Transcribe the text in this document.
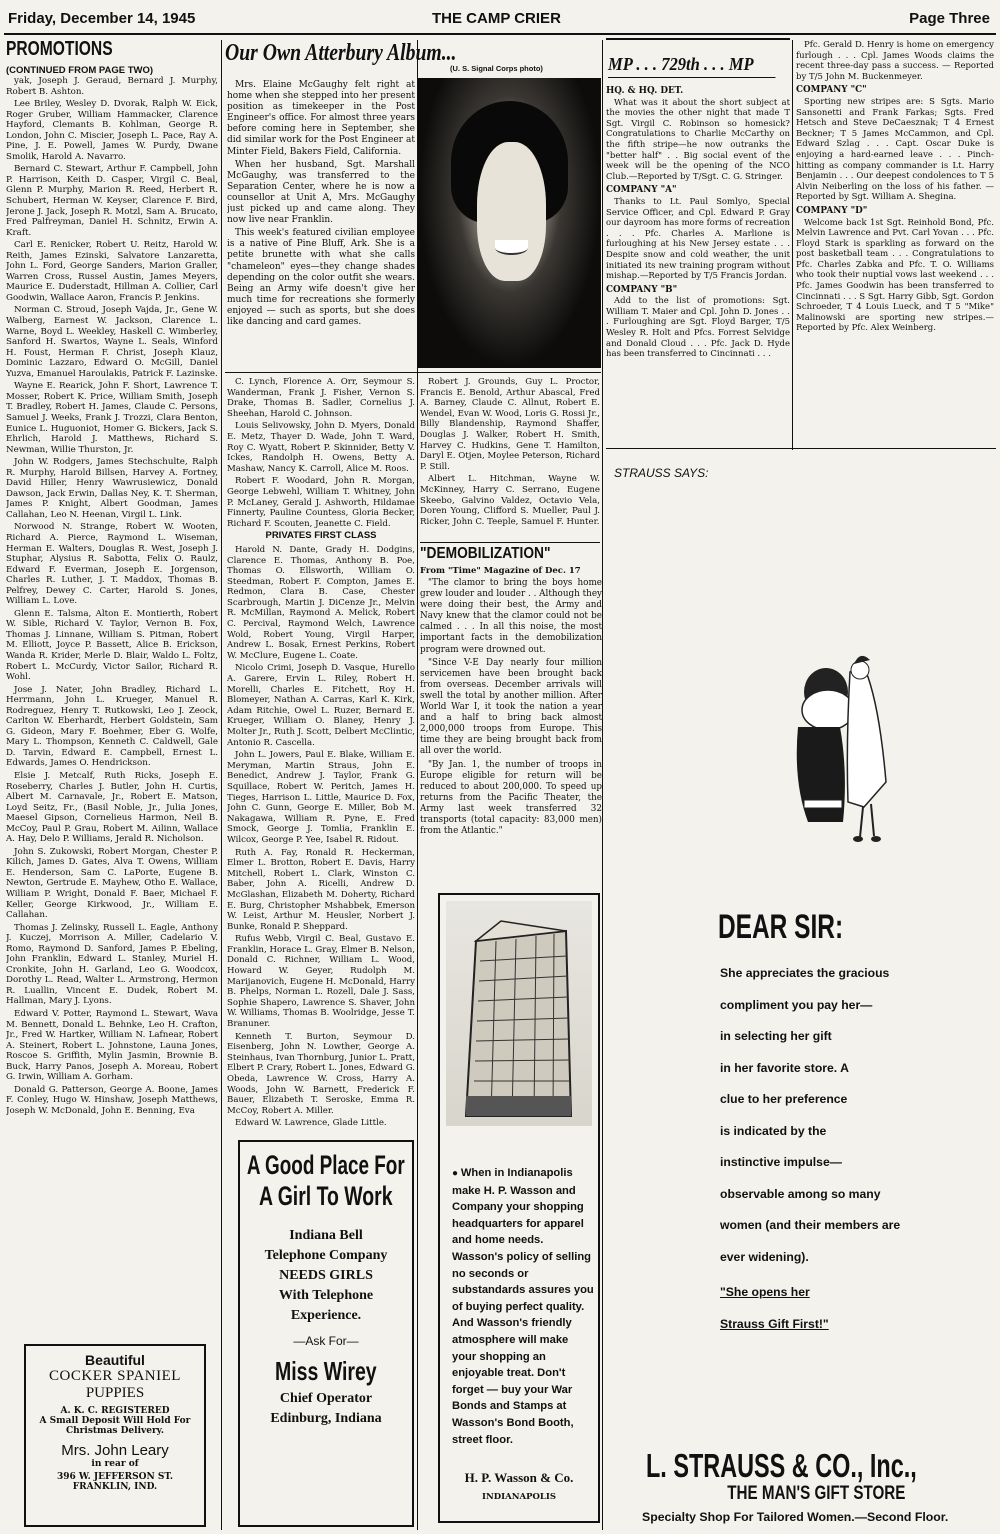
Friday, December 14, 1945	THE CAMP CRIER	Page Three
PROMOTIONS
(CONTINUED FROM PAGE TWO)

yak, Joseph J. Geraud, Bernard J. Murphy, Robert B. Ashton.

Lee Briley, Wesley D. Dvorak, Ralph W. Eick, Roger Gruber, William Hammacker, Clarence Hayford, Clemants B. Kohlman, George R. London, John C. Miscier, Joseph L. Pace, Ray A. Pine, J. E. Powell, James W. Purdy, Dwane Smolik, Harold A. Navarro.

Bernard C. Stewart, Arthur F. Campbell, John P. Harrison, Keith D. Casper, Virgil C. Beal, Glenn P. Murphy, Marion R. Reed, Herbert R. Schubert, Herman W. Keyser, Clarence F. Bird, Jerone J. Jack, Joseph R. Motzl, Sam A. Brucato, Fred Palfreyman, Daniel H. Schnitz, Erwin A. Kraft.

Carl E. Renicker, Robert U. Reitz, Harold W. Reith, James Ezinski, Salvatore Lanzaretta, John L. Ford, George Sanders, Marion Graller, Warren Cross, Russel Austin, James Meyers, Maurice E. Duderstadt, Hillman A. Collier, Carl Goodwin, Wallace Aaron, Francis P. Jenkins.

Norman C. Stroud, Joseph Vajda, Jr., Gene W. Walberg, Earnest W. Jackson, Clarence L. Warne, Boyd L. Weekley, Haskell C. Wimberley, Sanford H. Swartos, Wayne L. Seals, Winford H. Foust, Herman F. Christ, Joseph Klauz, Dominic Lazzaro, Edward O. McGill, Daniel Yuzva, Emanuel Haroulakis, Patrick F. Lazinske.

Wayne E. Rearick, John F. Short, Lawrence T. Mosser, Robert K. Price, William Smith, Joseph T. Bradley, Robert H. James, Claude C. Persons, Samuel J. Weeks, Frank J. Trozzi, Clara Benton, Eunice L. Huguoniot, Homer G. Bickers, Jack S. Ehrlich, Harold J. Matthews, Richard S. Newman, Willie Thurston, Jr.

John W. Rodgers, James Stechschulte, Ralph R. Murphy, Harold Billsen, Harvey A. Fortney, David Hiller, Henry Wawrusiewicz, Donald Dawson, Jack Erwin, Dallas Ney, K. T. Sherman, James P. Knight, Albert Goodman, James Callahan, Leo N. Heenan, Virgil L. Link.

Norwood N. Strange, Robert W. Wooten, Richard A. Pierce, Raymond L. Wiseman, Herman E. Walters, Douglas R. West, Joseph J. Stuphar, Alysius R. Sabotta, Felix O. Raulz, Edward F. Everman, Joseph E. Jorgenson, Charles R. Luther, J. T. Maddox, Thomas B. Pelfrey, Dewey C. Carter, Harold S. Jones, William L. Love.

Glenn E. Talsma, Alton E. Montierth, Robert W. Sible, Richard V. Taylor, Vernon B. Fox, Thomas J. Linnane, William S. Pitman, Robert M. Elliott, Joyce P. Bassett, Alice B. Erickson, Wanda R. Krider, Merle D. Blair, Waldo L. Foltz, Robert L. McCurdy, Victor Sailor, Richard R. Wohl.

Jose J. Nater, John Bradley, Richard L. Herrmann, John L. Krueger, Manuel R. Rodreguez, Henry T. Rutkowski, Leo J. Zeock, Carlton W. Eberhardt, Herbert Goldstein, Sam G. Gideon, Mary F. Boehmer, Eber G. Wolfe, Mary L. Thompson, Kenneth C. Caldwell, Gale D. Tarvin, Edward E. Campbell, Ernest L. Edwards, James O. Hendrickson.

Elsie J. Metcalf, Ruth Ricks, Joseph E. Roseberry, Charles J. Butler, John H. Curtis, Albert M. Carnavale, Jr., Robert E. Matson, Loyd Seitz, Fr., (Basil Noble, Jr., Julia Jones, Maesel Gipson, Cornelieus Harmon, Neil B. McCoy, Paul P. Grau, Robert M. Ailinn, Wallace A. Hay, Delo P. Williams, Jerald R. Nicholson.

John S. Zukowski, Robert Morgan, Chester P. Kilich, James D. Gates, Alva T. Owens, William E. Henderson, Sam C. LaPorte, Eugene B. Newton, Gertrude E. Mayhew, Otho E. Wallace, William P. Wright, Donald F. Baer, Michael F. Keller, George Kirkwood, Jr., William E. Callahan.

Thomas J. Zelinsky, Russell L. Eagle, Anthony J. Kuczej, Morrison A. Miller, Cadelario V. Romo, Raymond D. Sanford, James P. Ebeling, John Franklin, Edward L. Stanley, Muriel H. Cronkite, John H. Garland, Leo G. Woodcox, Dorothy L. Read, Walter L. Armstrong, Hermon R. Luallin, Vincent E. Dudek, Robert M. Hallman, Mary J. Lyons.

Edward V. Potter, Raymond L. Stewart, Wava M. Bennett, Donald L. Behnke, Leo H. Crafton, Jr., Fred W. Hartker, William N. Lafnear, Robert A. Steinert, Robert L. Johnstone, Launa Jones, Roscoe S. Griffith, Mylin Jasmin, Brownie B. Buck, Harry Panos, Joseph A. Moreau, Robert G. Irwin, William A. Gorham.

Donald G. Patterson, George A. Boone, James F. Conley, Hugo W. Hinshaw, Joseph Matthews, Joseph W. McDonald, John E. Benning, Eva

Beautiful
COCKER SPANIEL
PUPPIES
A. K. C. REGISTERED
A Small Deposit Will Hold For
Christmas Delivery.
Mrs. John Leary
in rear of
396 W. JEFFERSON ST.
FRANKLIN, IND.
Our Own Atterbury Album...
(U. S. Signal Corps photo)

Mrs. Elaine McGaughy felt right at home when she stepped into her present position as timekeeper in the Post Engineer's office. For almost three years before coming here in September, she did similar work for the Post Engineer at Minter Field, Bakers Field, California.

When her husband, Sgt. Marshall McGaughy, was transferred to the Separation Center, where he is now a counsellor at Unit A, Mrs. McGaughy just picked up and came along. They now live near Franklin.

This week's featured civilian employee is a native of Pine Bluff, Ark. She is a petite brunette with what she calls "chameleon" eyes—they change shades depending on the color outfit she wears. Being an Army wife doesn't give her much time for recreations she formerly enjoyed — such as sports, but she does like dancing and card games.

C. Lynch, Florence A. Orr, Seymour S. Wanderman, Frank J. Fisher, Vernon S. Drake, Thomas B. Sadler, Cornelius J. Sheehan, Harold C. Johnson.

Louis Selivowsky, John D. Myers, Donald E. Metz, Thayer D. Wade, John T. Ward, Roy C. Wyatt, Robert P. Skinnider, Betty V. Ickes, Randolph H. Owens, Betty A. Mashaw, Nancy K. Carroll, Alice M. Roos.

Robert F. Woodard, John R. Morgan, George Lebwehl, William T. Whitney, John P. McLaney, Gerald J. Ashworth, Hildamae Finnerty, Pauline Countess, Gloria Becker, Richard F. Scouten, Jeanette C. Field.

PRIVATES FIRST CLASS

Harold N. Dante, Grady H. Dodgins, Clarence E. Thomas, Anthony B. Poe, Thomas O. Ellsworth, William O. Steedman, Robert F. Compton, James E. Redmon, Clara B. Case, Chester Scarbrough, Martin J. DiCenze Jr., Melvin R. McMillan, Raymond A. Melick, Robert C. Percival, Raymond Welch, Lawrence Wold, Robert Young, Virgil Harper, Andrew L. Bosak, Ernest Perkins, Robert W. McClure, Eugene L. Coate.

Nicolo Crimi, Joseph D. Vasque, Hurello A. Garere, Ervin L. Riley, Robert H. Morelli, Charles E. Fitchett, Roy H. Blomeyer, Nathan A. Carras, Karl K. Kirk, Adam Ritchie, Owel L. Ruzer, Bernard E. Krueger, William O. Blaney, Henry J. Molter Jr., Ruth J. Scott, Delbert McClintic, Antonio R. Cascella.

John L. Jowers, Paul E. Blake, William E. Meryman, Martin Straus, John E. Benedict, Andrew J. Taylor, Frank G. Squillace, Robert W. Peritch, James H. Tieges, Harrison L. Little, Maurice D. Fox, John C. Gunn, George E. Miller, Bob M. Nakagawa, William R. Pyne, E. Fred Smock, George J. Tomlia, Franklin E. Wilcox, George P. Yee, Isabel R. Ridout.

Ruth A. Fay, Ronald R. Heckerman, Elmer L. Brotton, Robert E. Davis, Harry Mitchell, Robert L. Clark, Winston C. Baber, John A. Ricelli, Andrew D. McGlashan, Elizabeth M. Doherty, Richard E. Burg, Christopher Mshabbek, Emerson W. Leist, Arthur M. Heusler, Norbert J. Bunke, Ronald P. Sheppard.

Rufus Webb, Virgil C. Beal, Gustavo E. Franklin, Horace L. Gray, Elmer B. Nelson, Donald C. Richner, William L. Wood, Howard W. Geyer, Rudolph M. Marijanovich, Eugene H. McDonald, Harry B. Phelps, Norman L. Rozell, Dale J. Sass, Sophie Shapero, Lawrence S. Shaver, John W. Williams, Thomas B. Woolridge, Jesse T. Branuner.

Kenneth T. Burton, Seymour D. Eisenberg, John N. Lowther, George A. Steinhaus, Ivan Thornburg, Junior L. Pratt, Elbert P. Crary, Robert L. Jones, Edward G. Obeda, Lawrence W. Cross, Harry A. Woods, John W. Barnett, Frederick F. Bauer, Elizabeth T. Seroske, Emma R. McCoy, Robert A. Miller.

Edward W. Lawrence, Glade Little.

A Good Place For A Girl To Work
Indiana Bell
Telephone Company
NEEDS GIRLS
With Telephone
Experience.
—Ask For—
Miss Wirey
Chief Operator
Edinburg, Indiana

Robert J. Grounds, Guy L. Proctor, Francis E. Benold, Arthur Abascal, Fred A. Barney, Claude C. Allnut, Robert E. Wendel, Evan W. Wood, Loris G. Rossi Jr., Billy Blandenship, Raymond Shaffer, Douglas J. Walker, Robert H. Smith, Harvey C. Hudkins, Gene T. Hamilton, Daryl E. Otjen, Moylee Peterson, Richard P. Still.

Albert L. Hitchman, Wayne W. McKinney, Harry C. Serrano, Eugene Skeebo, Galvino Valdez, Octavio Vela, Doren Young, Clifford S. Mueller, Paul J. Ricker, John C. Teeple, Samuel F. Hunter.

"DEMOBILIZATION"
From "Time" Magazine of Dec. 17

"The clamor to bring the boys home grew louder and louder . . Although they were doing their best, the Army and Navy knew that the clamor could not be calmed . . . In all this noise, the most important facts in the demobilization program were drowned out.

"Since V-E Day nearly four million servicemen have been brought back from overseas. December arrivals will swell the total by another million. After World War I, it took the nation a year and a half to bring back almost 2,000,000 troops from Europe. This time they are being brought back from all over the world.

"By Jan. 1, the number of troops in Europe eligible for return will be reduced to about 200,000. To speed up returns from the Pacific Theater, the Army last week transferred 32 transports (total capacity: 83,000 men) from the Atlantic."

● When in Indianapolis make H. P. Wasson and Company your shopping headquarters for apparel and home needs. Wasson's policy of selling no seconds or substandards assures you of buying perfect quality. And Wasson's friendly atmosphere will make your shopping an enjoyable treat. Don't forget — buy your War Bonds and Stamps at Wasson's Bond Booth, street floor.
H. P. Wasson & Co.
INDIANAPOLIS
MP . . . 729th . . . MP
HQ. & HQ. DET.

What was it about the short subject at the movies the other night that made T Sgt. Virgil C. Robinson so homesick? Congratulations to Charlie McCarthy on the fifth stripe—he now outranks the "better half" . . Big social event of the week will be the opening of the NCO Club.—Reported by T/Sgt. C. G. Stringer.

COMPANY "A"

Thanks to Lt. Paul Somlyo, Special Service Officer, and Cpl. Edward P. Gray our dayroom has more forms of recreation . . . Pfc. Charles A. Marlione is furloughing at his New Jersey estate . . . Despite snow and cold weather, the unit initiated its new training program without mishap.—Reported by T/5 Francis Jordan.

COMPANY "B"

Add to the list of promotions: Sgt. William T. Maier and Cpl. John D. Jones . . . Furloughing are Sgt. Floyd Barger, T/5 Wesley R. Holt and Pfcs. Forrest Selvidge and Donald Cloud . . . Pfc. Jack D. Hyde has been transferred to Cincinnati . . .

Pfc. Gerald D. Henry is home on emergency furlough . . . Cpl. James Woods claims the recent three-day pass a success. — Reported by T/5 John M. Buckenmeyer.

COMPANY "C"

Sporting new stripes are: S Sgts. Mario Sansonetti and Frank Farkas; Sgts. Fred Hetsch and Steve DeCaesznak; T 4 Ernest Beckner; T 5 James McCammon, and Cpl. Edward Szlag . . . Capt. Oscar Duke is enjoying a hard-earned leave . . . Pinch-hitting as company commander is Lt. Harry Benjamin . . . Our deepest condolences to T 5 Alvin Neiberling on the loss of his father. —Reported by Sgt. William A. Shegina.

COMPANY "D"

Welcome back 1st Sgt. Reinhold Bond, Pfc. Melvin Lawrence and Pvt. Carl Yovan . . . Pfc. Floyd Stark is sparkling as forward on the post basketball team . . . Congratulations to Pfc. Charles Zabka and Pfc. T. O. Williams who took their nuptial vows last weekend . . . Pfc. James Goodwin has been transferred to Cincinnati . . . S Sgt. Harry Gibb, Sgt. Gordon Schroeder, T 4 Louis Lueck, and T 5 "Mike" Malinowski are sporting new stripes.—Reported by Pfc. Alex Weinberg.

STRAUSS SAYS:
DEAR SIR:
She appreciates the gracious
compliment you pay her—
in selecting her gift
in her favorite store. A
clue to her preference
is indicated by the
instinctive impulse—
observable among so many
women (and their members are
ever widening).
"She opens her
Strauss Gift First!"
L. STRAUSS & CO., Inc.,
THE MAN'S GIFT STORE
Specialty Shop For Tailored Women.—Second Floor.
